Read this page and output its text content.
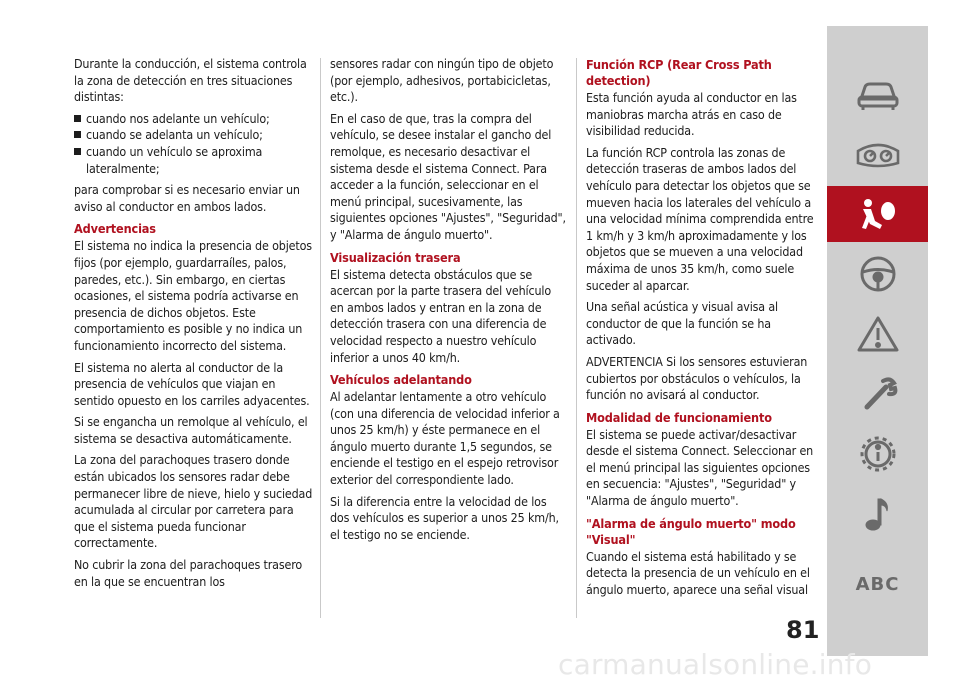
Durante la conducción, el sistema controla la zona de detección en tres situaciones distintas:

cuando nos adelante un vehículo;
cuando se adelanta un vehículo;
cuando un vehículo se aproxima lateralmente;

para comprobar si es necesario enviar un aviso al conductor en ambos lados.

Advertencias

El sistema no indica la presencia de objetos fijos (por ejemplo, guardarraíles, palos, paredes, etc.). Sin embargo, en ciertas ocasiones, el sistema podría activarse en presencia de dichos objetos. Este comportamiento es posible y no indica un funcionamiento incorrecto del sistema.

El sistema no alerta al conductor de la presencia de vehículos que viajan en sentido opuesto en los carriles adyacentes.

Si se engancha un remolque al vehículo, el sistema se desactiva automáticamente.

La zona del parachoques trasero donde están ubicados los sensores radar debe permanecer libre de nieve, hielo y suciedad acumulada al circular por carretera para que el sistema pueda funcionar correctamente.

No cubrir la zona del parachoques trasero en la que se encuentran los

sensores radar con ningún tipo de objeto (por ejemplo, adhesivos, portabicicletas, etc.).

En el caso de que, tras la compra del vehículo, se desee instalar el gancho del remolque, es necesario desactivar el sistema desde el sistema Connect. Para acceder a la función, seleccionar en el menú principal, sucesivamente, las siguientes opciones "Ajustes", "Seguridad", y "Alarma de ángulo muerto".

Visualización trasera

El sistema detecta obstáculos que se acercan por la parte trasera del vehículo en ambos lados y entran en la zona de detección trasera con una diferencia de velocidad respecto a nuestro vehículo inferior a unos 40 km/h.

Vehículos adelantando

Al adelantar lentamente a otro vehículo (con una diferencia de velocidad inferior a unos 25 km/h) y éste permanece en el ángulo muerto durante 1,5 segundos, se enciende el testigo en el espejo retrovisor exterior del correspondiente lado.

Si la diferencia entre la velocidad de los dos vehículos es superior a unos 25 km/h, el testigo no se enciende.

Función RCP (Rear Cross Path detection)

Esta función ayuda al conductor en las maniobras marcha atrás en caso de visibilidad reducida.

La función RCP controla las zonas de detección traseras de ambos lados del vehículo para detectar los objetos que se mueven hacia los laterales del vehículo a una velocidad mínima comprendida entre 1 km/h y 3 km/h aproximadamente y los objetos que se mueven a una velocidad máxima de unos 35 km/h, como suele suceder al aparcar.

Una señal acústica y visual avisa al conductor de que la función se ha activado.

ADVERTENCIA Si los sensores estuvieran cubiertos por obstáculos o vehículos, la función no avisará al conductor.

Modalidad de funcionamiento

El sistema se puede activar/desactivar desde el sistema Connect. Seleccionar en el menú principal las siguientes opciones en secuencia: "Ajustes", "Seguridad" y "Alarma de ángulo muerto".

"Alarma de ángulo muerto" modo "Visual"

Cuando el sistema está habilitado y se detecta la presencia de un vehículo en el ángulo muerto, aparece una señal visual	ABC
81
carmanualsonline.info
